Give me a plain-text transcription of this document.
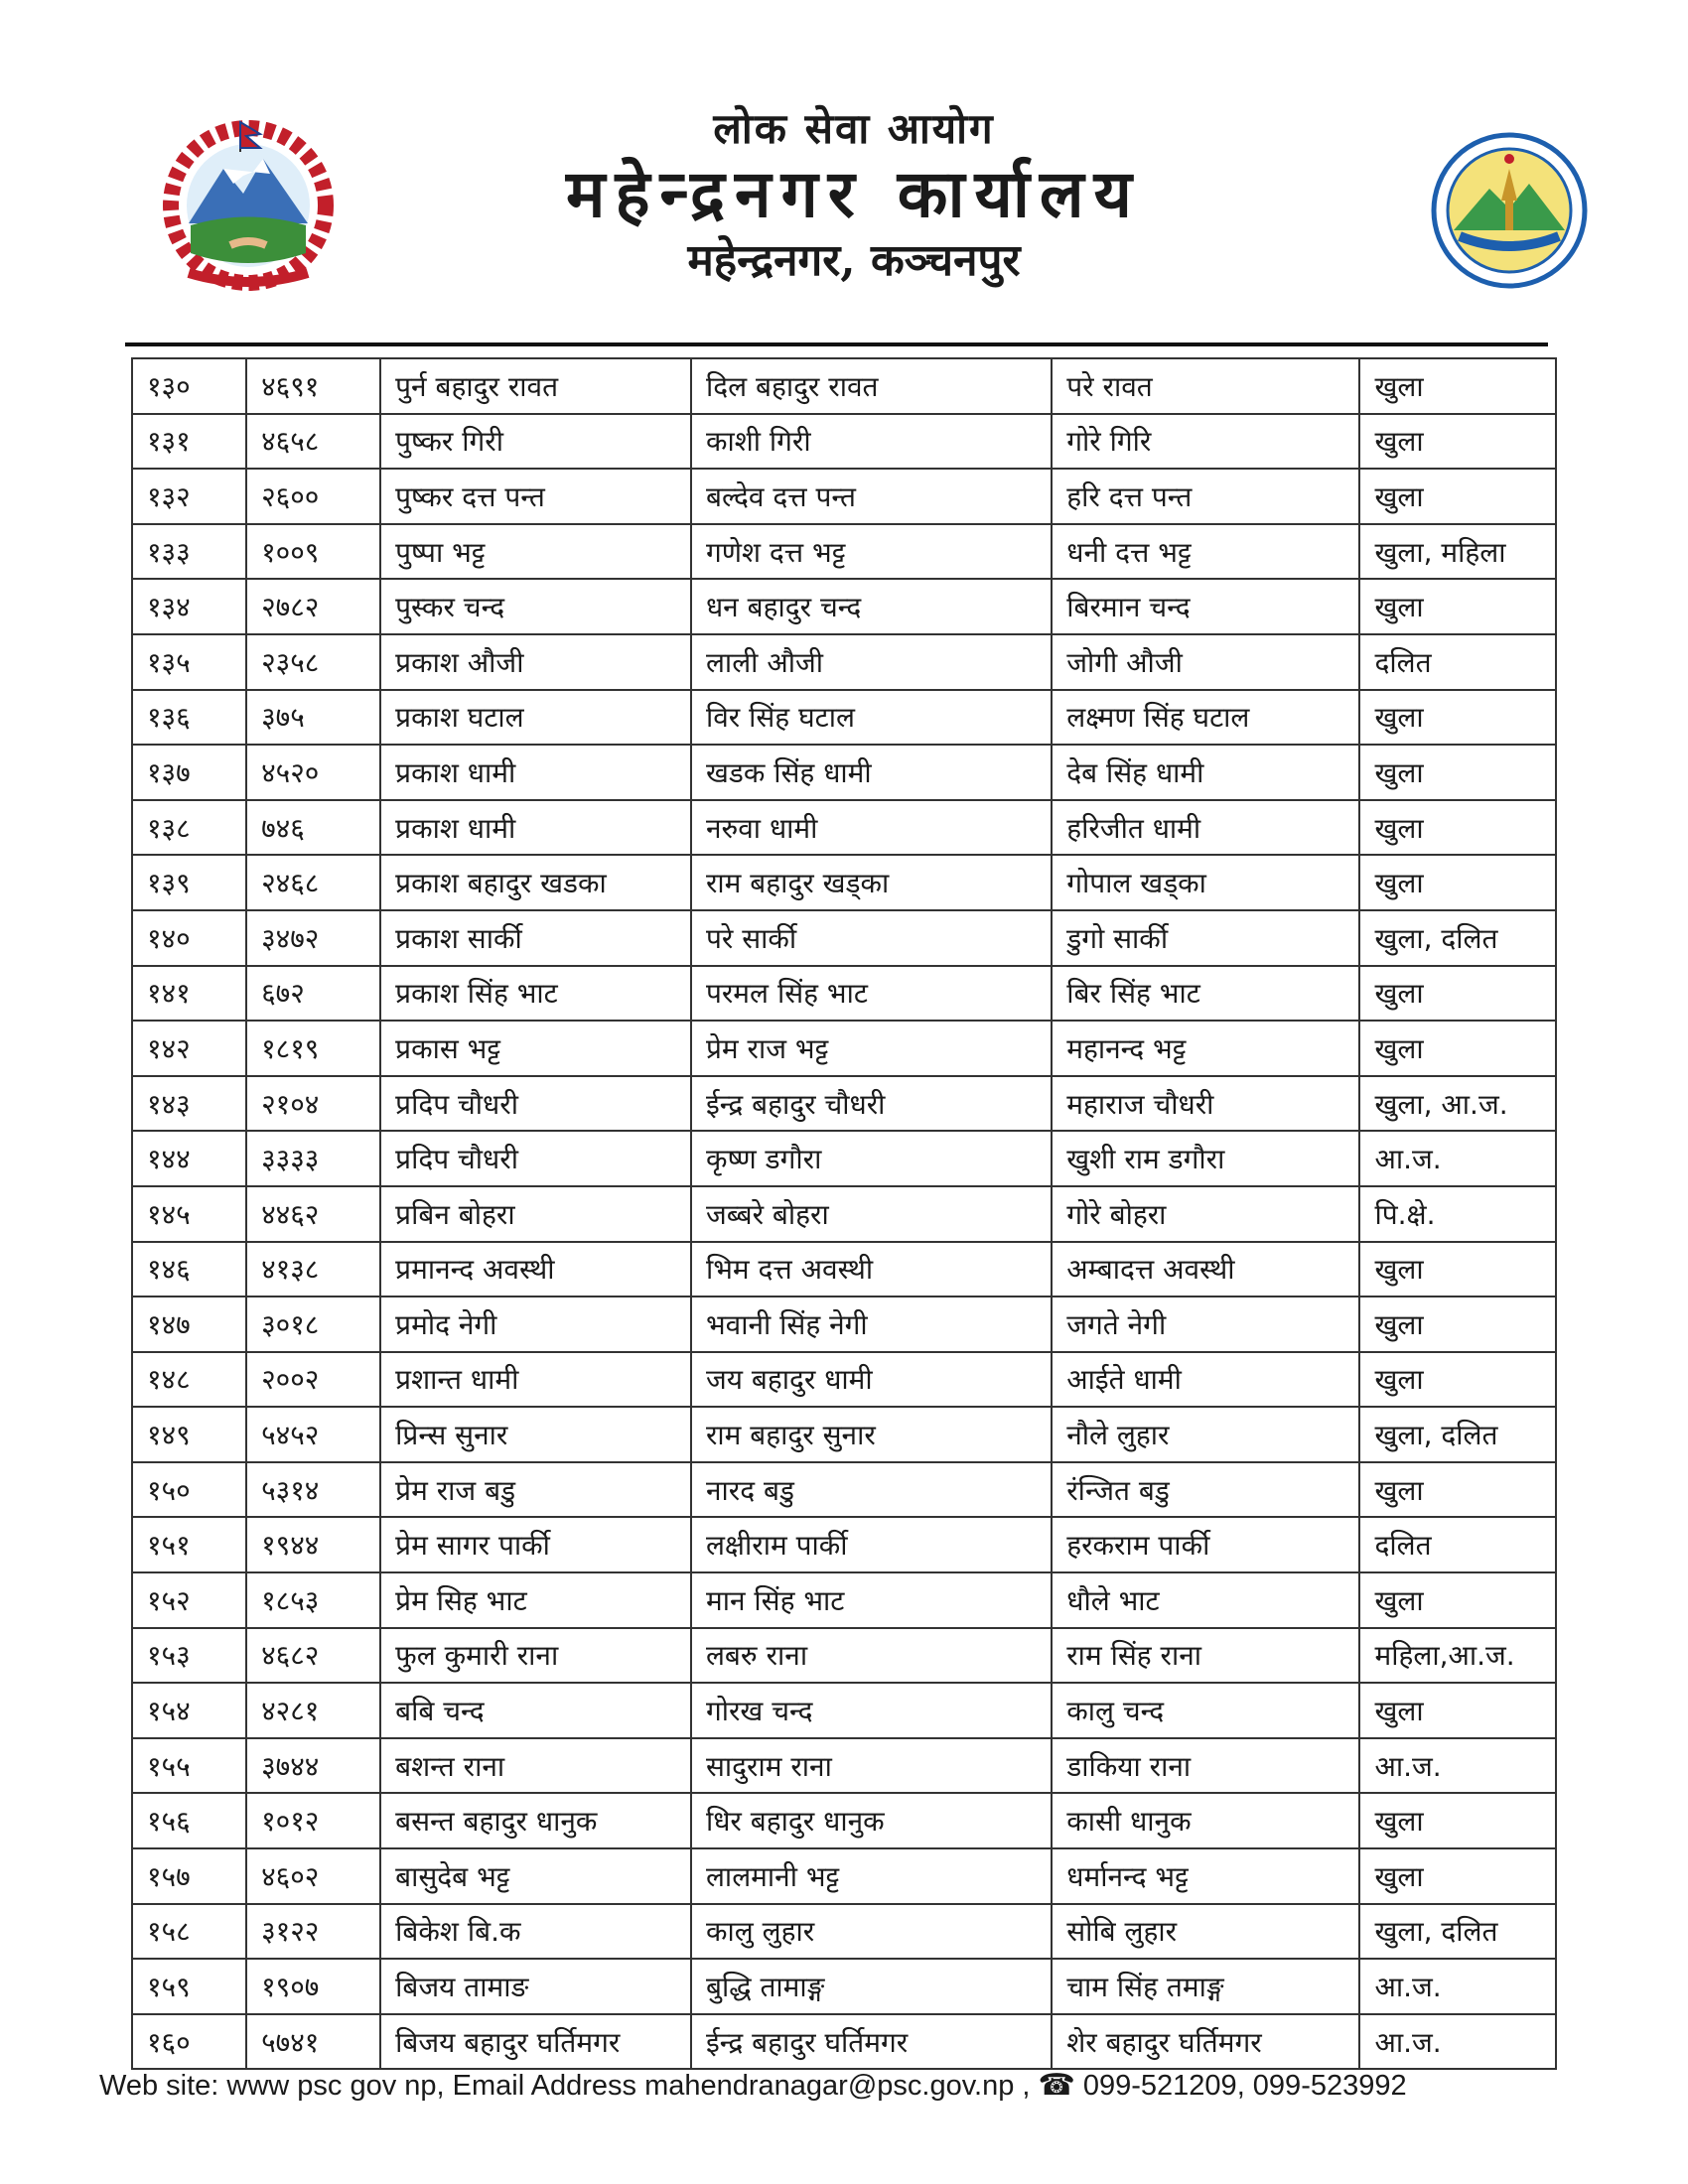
लोक सेवा आयोग
महेन्द्रनगर कार्यालय
महेन्द्रनगर, कञ्चनपुर
१३०	४६९१	पुर्न बहादुर रावत	दिल बहादुर रावत	परे रावत	खुला
१३१	४६५८	पुष्कर गिरी	काशी गिरी	गोरे गिरि	खुला
१३२	२६००	पुष्कर दत्त पन्त	बल्देव दत्त पन्त	हरि दत्त पन्त	खुला
१३३	१००९	पुष्पा भट्ट	गणेश दत्त भट्ट	धनी दत्त भट्ट	खुला, महिला
१३४	२७८२	पुस्कर चन्द	धन बहादुर चन्द	बिरमान चन्द	खुला
१३५	२३५८	प्रकाश औजी	लाली औजी	जोगी औजी	दलित
१३६	३७५	प्रकाश घटाल	विर सिंह घटाल	लक्ष्मण सिंह घटाल	खुला
१३७	४५२०	प्रकाश धामी	खडक सिंह धामी	देब सिंह धामी	खुला
१३८	७४६	प्रकाश धामी	नरुवा धामी	हरिजीत धामी	खुला
१३९	२४६८	प्रकाश बहादुर खडका	राम बहादुर खड्का	गोपाल खड्का	खुला
१४०	३४७२	प्रकाश सार्की	परे सार्की	डुगो सार्की	खुला, दलित
१४१	६७२	प्रकाश सिंह भाट	परमल सिंह भाट	बिर सिंह भाट	खुला
१४२	१८१९	प्रकास भट्ट	प्रेम राज भट्ट	महानन्द भट्ट	खुला
१४३	२१०४	प्रदिप चौधरी	ईन्द्र बहादुर चौधरी	महाराज चौधरी	खुला, आ.ज.
१४४	३३३३	प्रदिप चौधरी	कृष्ण डगौरा	खुशी राम डगौरा	आ.ज.
१४५	४४६२	प्रबिन बोहरा	जब्बरे बोहरा	गोरे बोहरा	पि.क्षे.
१४६	४१३८	प्रमानन्द अवस्थी	भिम दत्त अवस्थी	अम्बादत्त अवस्थी	खुला
१४७	३०१८	प्रमोद नेगी	भवानी सिंह नेगी	जगते नेगी	खुला
१४८	२००२	प्रशान्त धामी	जय बहादुर धामी	आईते धामी	खुला
१४९	५४५२	प्रिन्स सुनार	राम बहादुर सुनार	नौले लुहार	खुला, दलित
१५०	५३१४	प्रेम राज बडु	नारद बडु	रंन्जित बडु	खुला
१५१	१९४४	प्रेम सागर पार्की	लक्षीराम पार्की	हरकराम पार्की	दलित
१५२	१८५३	प्रेम सिह भाट	मान सिंह भाट	धौले भाट	खुला
१५३	४६८२	फुल कुमारी राना	लबरु राना	राम सिंह राना	महिला,आ.ज.
१५४	४२८१	बबि चन्द	गोरख चन्द	कालु चन्द	खुला
१५५	३७४४	बशन्त राना	सादुराम राना	डाकिया राना	आ.ज.
१५६	१०१२	बसन्त बहादुर धानुक	धिर बहादुर धानुक	कासी धानुक	खुला
१५७	४६०२	बासुदेब भट्ट	लालमानी भट्ट	धर्मानन्द भट्ट	खुला
१५८	३१२२	बिकेश बि.क	कालु लुहार	सोबि लुहार	खुला, दलित
१५९	१९०७	बिजय तामाङ	बुद्धि तामाङ्ग	चाम सिंह तमाङ्ग	आ.ज.
१६०	५७४१	बिजय बहादुर घर्तिमगर	ईन्द्र बहादुर घर्तिमगर	शेर बहादुर घर्तिमगर	आ.ज.
Web site: www psc gov np, Email Address mahendranagar@psc.gov.np , ☎ 099-521209, 099-523992
